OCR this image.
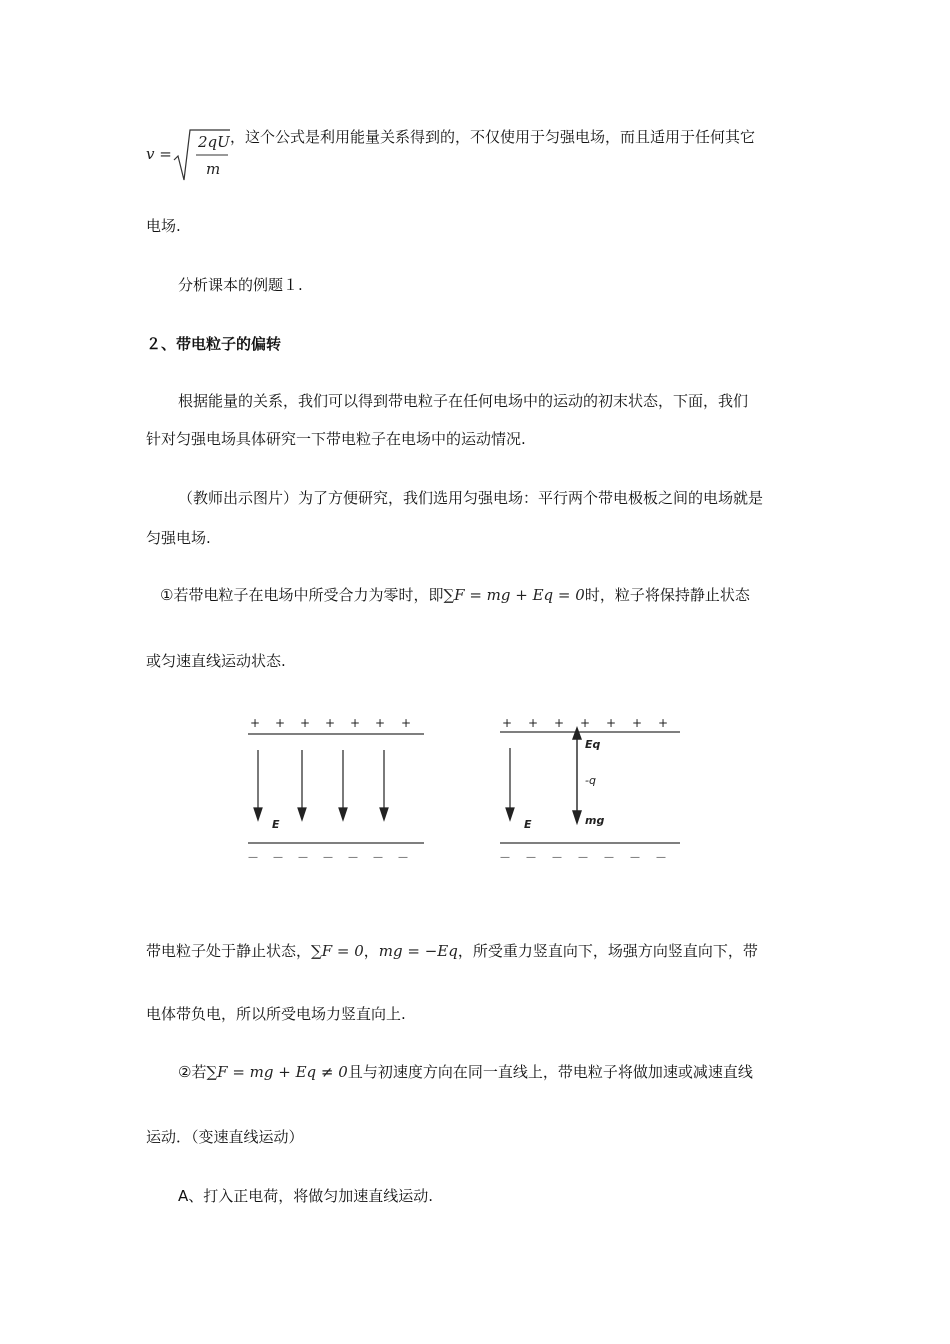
v =
2qU
m
，这个公式是利用能量关系得到的，不仅使用于匀强电场，而且适用于任何其它
电场.
分析课本的例题１.
２、带电粒子的偏转
根据能量的关系，我们可以得到带电粒子在任何电场中的运动的初末状态，下面，我们
针对匀强电场具体研究一下带电粒子在电场中的运动情况.
（教师出示图片）为了方便研究，我们选用匀强电场：平行两个带电极板之间的电场就是
匀强电场.
①若带电粒子在电场中所受合力为零时，即∑F = mg + Eq = 0时，粒子将保持静止状态
或匀速直线运动状态.
+ + + + + + +
— — — — — — —
E
+ + + + + + +
— — — — — — —
E
Eq
-q
mg
带电粒子处于静止状态，∑F = 0，mg = −Eq，所受重力竖直向下，场强方向竖直向下，带
电体带负电，所以所受电场力竖直向上.
②若∑F = mg + Eq ≠ 0且与初速度方向在同一直线上，带电粒子将做加速或减速直线
运动．（变速直线运动）
A、打入正电荷，将做匀加速直线运动.
